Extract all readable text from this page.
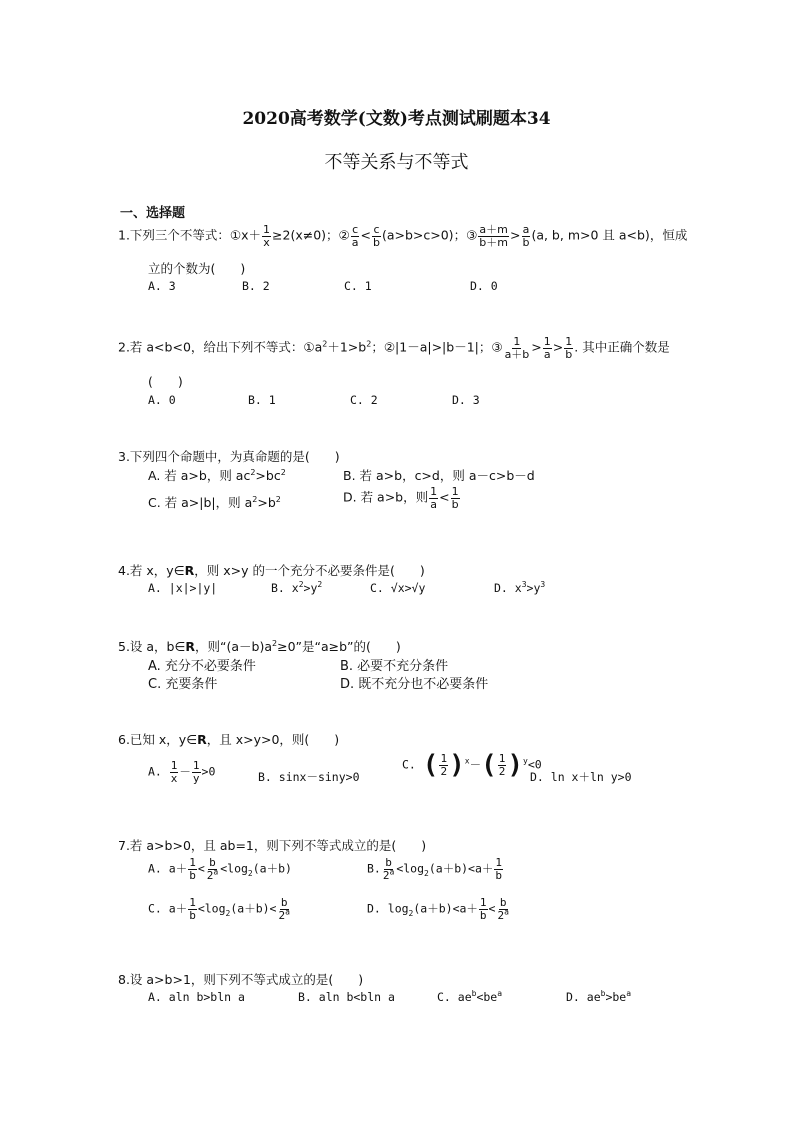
2020高考数学(文数)考点测试刷题本34
不等关系与不等式
一、选择题
1.下列三个不等式：①x＋ $\frac{1}{x} \ge 2(x\ne 0)$；② $\frac{c}{a} < \frac{c}{b} (a>b>c>0)$；③ $\frac{a+m}{b+m} > \frac{a}{b} (a$, b, m>0 且 a<b)，恒成
立的个数为(　　)
A. 3	B. 2	C. 1	D. 0
2.若 a<b<0，给出下列不等式：$①a^2+1>b^2$；②|1－a|>|b－1|；③ $\frac{1}{a+b} > \frac{1}{a} > \frac{1}{b}$ . 其中正确个数是
(　　)
A. 0	B. 1	C. 2	D. 3
3.下列四个命题中，为真命题的是(　　)
A. 若 a>b，则 $ac^2>bc^2$	B. 若 a>b，c>d，则 a－c>b－d
C. 若 a>|b|，则 $a^2>b^2$	D. 若 a>b，则 $\frac{1}{a} < \frac{1}{b}$
4.若 x，y∈R，则 x>y 的一个充分不必要条件是(　　)
A. |x|>|y|	B. $x^2>y^2$	C. √x>√y	D. $x^3>y^3$
5.设 a，b∈R，则“$(a-b)a^2\ge 0$”是“a≥b”的(　　)
A. 充分不必要条件	B. 必要不充分条件
C. 充要条件	D. 既不充分也不必要条件
6.已知 x，y∈R，且 x>y>0，则(　　)
A. $\frac{1}{x} - \frac{1}{y} >0$	B. sinx－siny>0
C. ( $\frac{1}{2} )^x-( \frac{1}{2} )^y<0$
D. ln x＋ln y>0
7.若 a>b>0，且 ab=1，则下列不等式成立的是(　　)
A. $a+ \frac{1}{b} < \frac{b}{2^a} <\log_2(a+b)$	B. $\frac{b}{2^a} <\log_2(a+b)<a+ \frac{1}{b}$
C. $a+ \frac{1}{b} <\log_2(a+b)< \frac{b}{2^a}$	D. $\log_2(a+b)<a+ \frac{1}{b} < \frac{b}{2^a}$
8.设 a>b>1，则下列不等式成立的是(　　)
A. aln b>bln a	B. aln b<bln a	C. $ae^b<be^a$	D. $ae^b>be^a$
